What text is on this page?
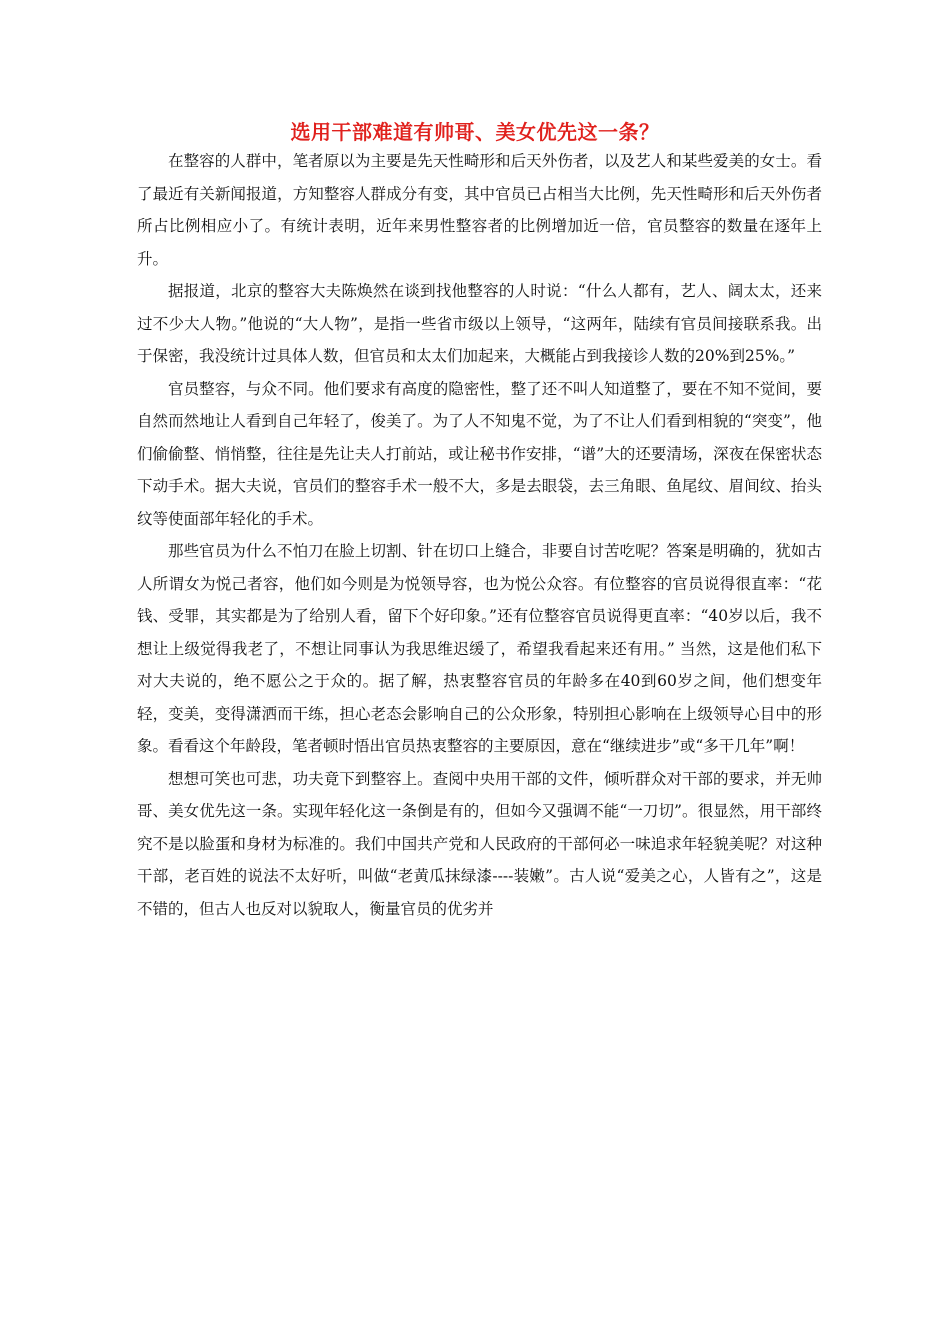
选用干部难道有帅哥、美女优先这一条？

在整容的人群中，笔者原以为主要是先天性畸形和后天外伤者，以及艺人和某些爱美的女士。看了最近有关新闻报道，方知整容人群成分有变，其中官员已占相当大比例，先天性畸形和后天外伤者所占比例相应小了。有统计表明，近年来男性整容者的比例增加近一倍，官员整容的数量在逐年上升。

据报道，北京的整容大夫陈焕然在谈到找他整容的人时说：“什么人都有，艺人、阔太太，还来过不少大人物。”他说的“大人物”，是指一些省市级以上领导，“这两年，陆续有官员间接联系我。出于保密，我没统计过具体人数，但官员和太太们加起来，大概能占到我接诊人数的20%到25%。”

官员整容，与众不同。他们要求有高度的隐密性，整了还不叫人知道整了，要在不知不觉间，要自然而然地让人看到自己年轻了，俊美了。为了人不知鬼不觉，为了不让人们看到相貌的“突变”，他们偷偷整、悄悄整，往往是先让夫人打前站，或让秘书作安排，“谱”大的还要清场，深夜在保密状态下动手术。据大夫说，官员们的整容手术一般不大，多是去眼袋，去三角眼、鱼尾纹、眉间纹、抬头纹等使面部年轻化的手术。

那些官员为什么不怕刀在脸上切割、针在切口上缝合，非要自讨苦吃呢？答案是明确的，犹如古人所谓女为悦己者容，他们如今则是为悦领导容，也为悦公众容。有位整容的官员说得很直率：“花钱、受罪，其实都是为了给别人看，留下个好印象。”还有位整容官员说得更直率：“40岁以后，我不想让上级觉得我老了，不想让同事认为我思维迟缓了，希望我看起来还有用。” 当然，这是他们私下对大夫说的，绝不愿公之于众的。据了解，热衷整容官员的年龄多在40到60岁之间，他们想变年轻，变美，变得潇洒而干练，担心老态会影响自己的公众形象，特别担心影响在上级领导心目中的形象。看看这个年龄段，笔者顿时悟出官员热衷整容的主要原因，意在“继续进步”或“多干几年”啊！

想想可笑也可悲，功夫竟下到整容上。查阅中央用干部的文件，倾听群众对干部的要求，并无帅哥、美女优先这一条。实现年轻化这一条倒是有的，但如今又强调不能“一刀切”。很显然，用干部终究不是以脸蛋和身材为标准的。我们中国共产党和人民政府的干部何必一味追求年轻貌美呢？对这种干部，老百姓的说法不太好听，叫做“老黄瓜抹绿漆----装嫩”。古人说“爱美之心，人皆有之”，这是不错的，但古人也反对以貌取人，衡量官员的优劣并
